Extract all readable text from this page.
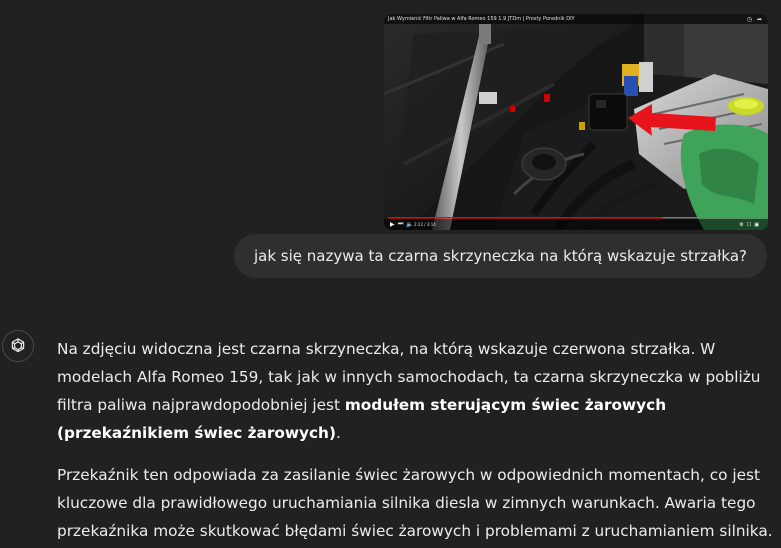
Jak Wymienić Filtr Paliwa w Alfa Romeo 159 1.9 JTDm | Prosty Poradnik DIY	◷ ➦
▶ ⏭ 🔈 2:22 / 3:14	⚙☐▣
jak się nazywa ta czarna skrzyneczka na którą wskazuje strzałka?

Na zdjęciu widoczna jest czarna skrzyneczka, na którą wskazuje czerwona strzałka. W modelach Alfa Romeo 159, tak jak w innych samochodach, ta czarna skrzyneczka w pobliżu filtra paliwa najprawdopodobniej jest modułem sterującym świec żarowych (przekaźnikiem świec żarowych).

Przekaźnik ten odpowiada za zasilanie świec żarowych w odpowiednich momentach, co jest kluczowe dla prawidłowego uruchamiania silnika diesla w zimnych warunkach. Awaria tego przekaźnika może skutkować błędami świec żarowych i problemami z uruchamianiem silnika.
